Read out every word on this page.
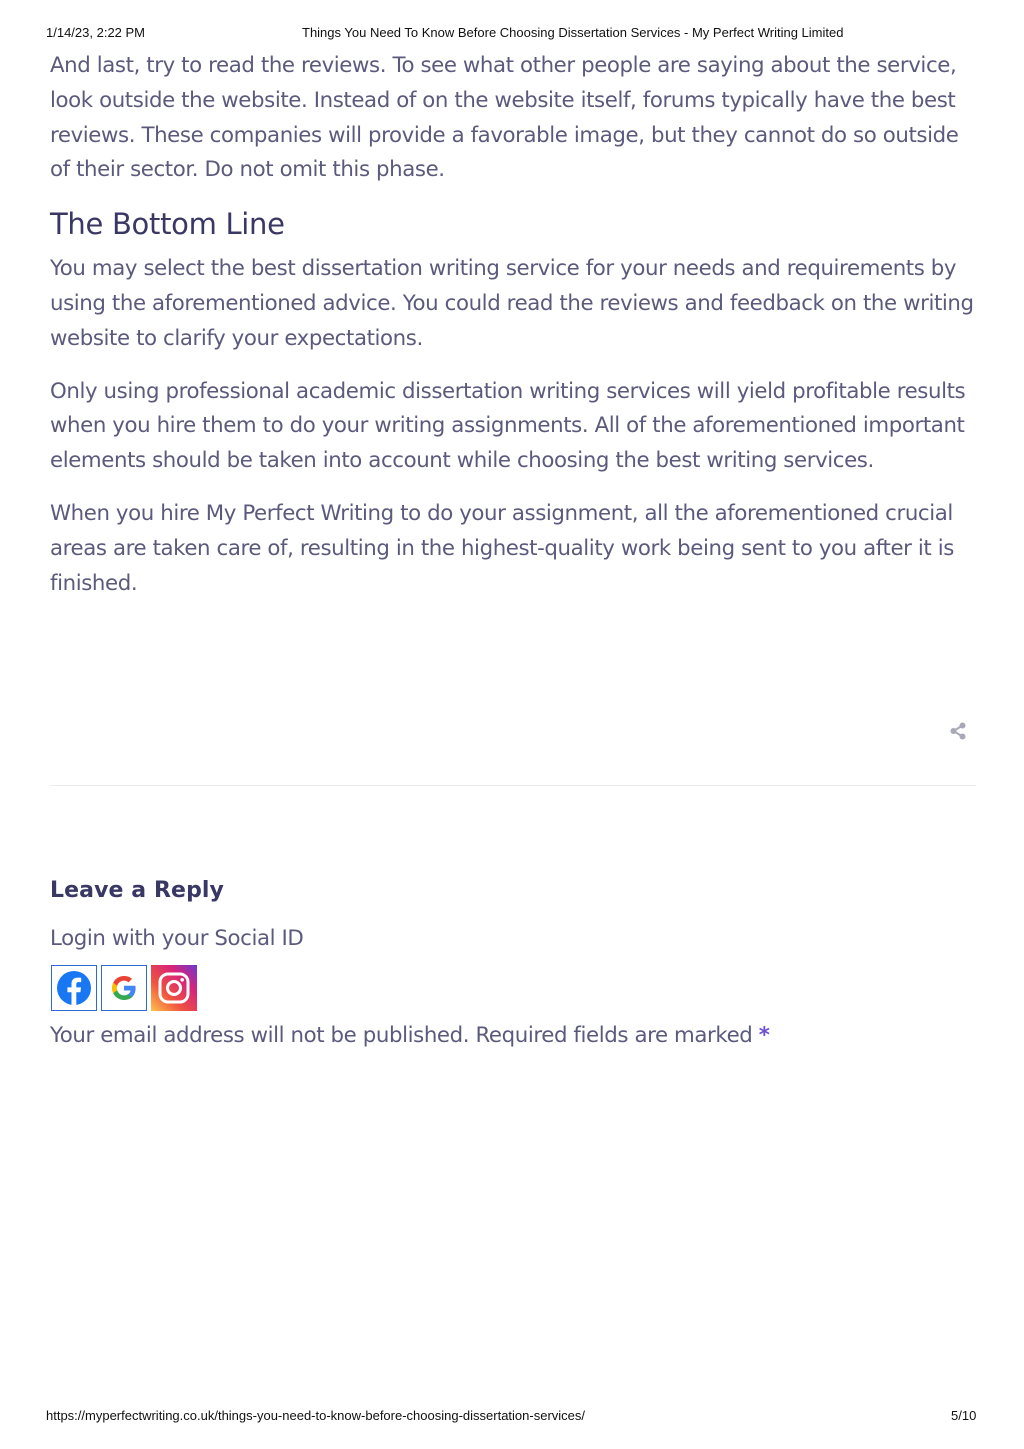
1/14/23, 2:22 PM	Things You Need To Know Before Choosing Dissertation Services - My Perfect Writing Limited

And last, try to read the reviews. To see what other people are saying about the service, look outside the website. Instead of on the website itself, forums typically have the best reviews. These companies will provide a favorable image, but they cannot do so outside of their sector. Do not omit this phase.

The Bottom Line

You may select the best dissertation writing service for your needs and requirements by using the aforementioned advice. You could read the reviews and feedback on the writing website to clarify your expectations.

Only using professional academic dissertation writing services will yield profitable results when you hire them to do your writing assignments. All of the aforementioned important elements should be taken into account while choosing the best writing services.

When you hire My Perfect Writing to do your assignment, all the aforementioned crucial areas are taken care of, resulting in the highest-quality work being sent to you after it is finished.

Leave a Reply
Login with your Social ID
Your email address will not be published. Required fields are marked *
https://myperfectwriting.co.uk/things-you-need-to-know-before-choosing-dissertation-services/	5/10
